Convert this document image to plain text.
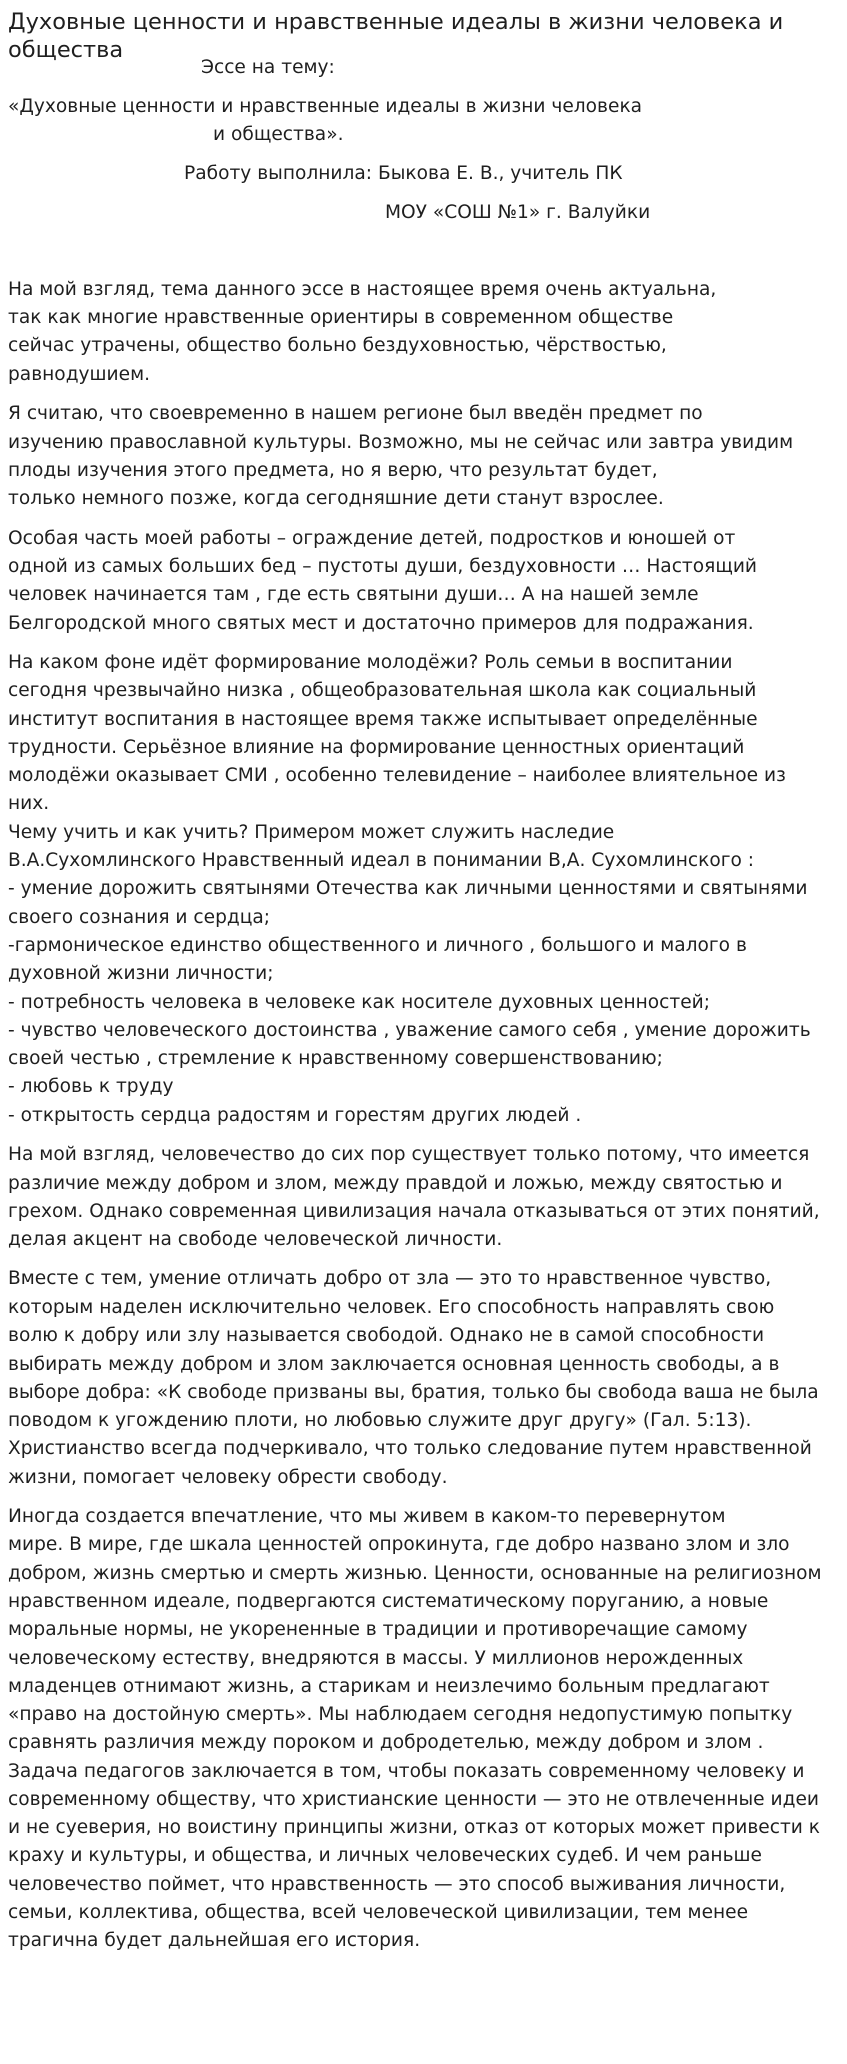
Духовные ценности и нравственные идеалы в жизни человека и общества
Эссе на тему:
«Духовные ценности и нравственные идеалы в жизни человека
и общества».
Работу выполнила: Быкова Е. В., учитель ПК
МОУ «СОШ №1» г. Валуйки
На мой взгляд, тема данного эссе в настоящее время очень актуальна,
так как многие нравственные ориентиры в современном обществе
сейчас утрачены, общество больно бездуховностью, чёрствостью,
равнодушием.
Я считаю, что своевременно в нашем регионе был введён предмет по
изучению православной культуры. Возможно, мы не сейчас или завтра увидим
плоды изучения этого предмета, но я верю, что результат будет,
только немного позже, когда сегодняшние дети станут взрослее.
Особая часть моей работы – ограждение детей, подростков и юношей от
одной из самых больших бед – пустоты души, бездуховности … Настоящий
человек начинается там , где есть святыни души… А на нашей земле
Белгородской много святых мест и достаточно примеров для подражания.
На каком фоне идёт формирование молодёжи? Роль семьи в воспитании
сегодня чрезвычайно низка , общеобразовательная школа как социальный
институт воспитания в настоящее время также испытывает определённые
трудности. Серьёзное влияние на формирование ценностных ориентаций
молодёжи оказывает СМИ , особенно телевидение – наиболее влиятельное из
них.
Чему учить и как учить? Примером может служить наследие
В.А.Сухомлинского Нравственный идеал в понимании В,А. Сухомлинского :
- умение дорожить святынями Отечества как личными ценностями и святынями
своего сознания и сердца;
-гармоническое единство общественного и личного , большого и малого в
духовной жизни личности;
- потребность человека в человеке как носителе духовных ценностей;
- чувство человеческого достоинства , уважение самого себя , умение дорожить
своей честью , стремление к нравственному совершенствованию;
- любовь к труду
- открытость сердца радостям и горестям других людей .
На мой взгляд, человечество до сих пор существует только потому, что имеется
различие между добром и злом, между правдой и ложью, между святостью и
грехом. Однако современная цивилизация начала отказываться от этих понятий,
делая акцент на свободе человеческой личности.
Вместе с тем, умение отличать добро от зла — это то нравственное чувство,
которым наделен исключительно человек. Его способность направлять свою
волю к добру или злу называется свободой. Однако не в самой способности
выбирать между добром и злом заключается основная ценность свободы, а в
выборе добра: «К свободе призваны вы, братия, только бы свобода ваша не была
поводом к угождению плоти, но любовью служите друг другу» (Гал. 5:13).
Христианство всегда подчеркивало, что только следование путем нравственной
жизни, помогает человеку обрести свободу.
Иногда создается впечатление, что мы живем в каком-то перевернутом
мире. В мире, где шкала ценностей опрокинута, где добро названо злом и зло
добром, жизнь смертью и смерть жизнью. Ценности, основанные на религиозном
нравственном идеале, подвергаются систематическому поруганию, а новые
моральные нормы, не укорененные в традиции и противоречащие самому
человеческому естеству, внедряются в массы. У миллионов нерожденных
младенцев отнимают жизнь, а старикам и неизлечимо больным предлагают
«право на достойную смерть». Мы наблюдаем сегодня недопустимую попытку
сравнять различия между пороком и добродетелью, между добром и злом .
Задача педагогов заключается в том, чтобы показать современному человеку и
современному обществу, что христианские ценности — это не отвлеченные идеи
и не суеверия, но воистину принципы жизни, отказ от которых может привести к
краху и культуры, и общества, и личных человеческих судеб. И чем раньше
человечество поймет, что нравственность — это способ выживания личности,
семьи, коллектива, общества, всей человеческой цивилизации, тем менее
трагична будет дальнейшая его история.
